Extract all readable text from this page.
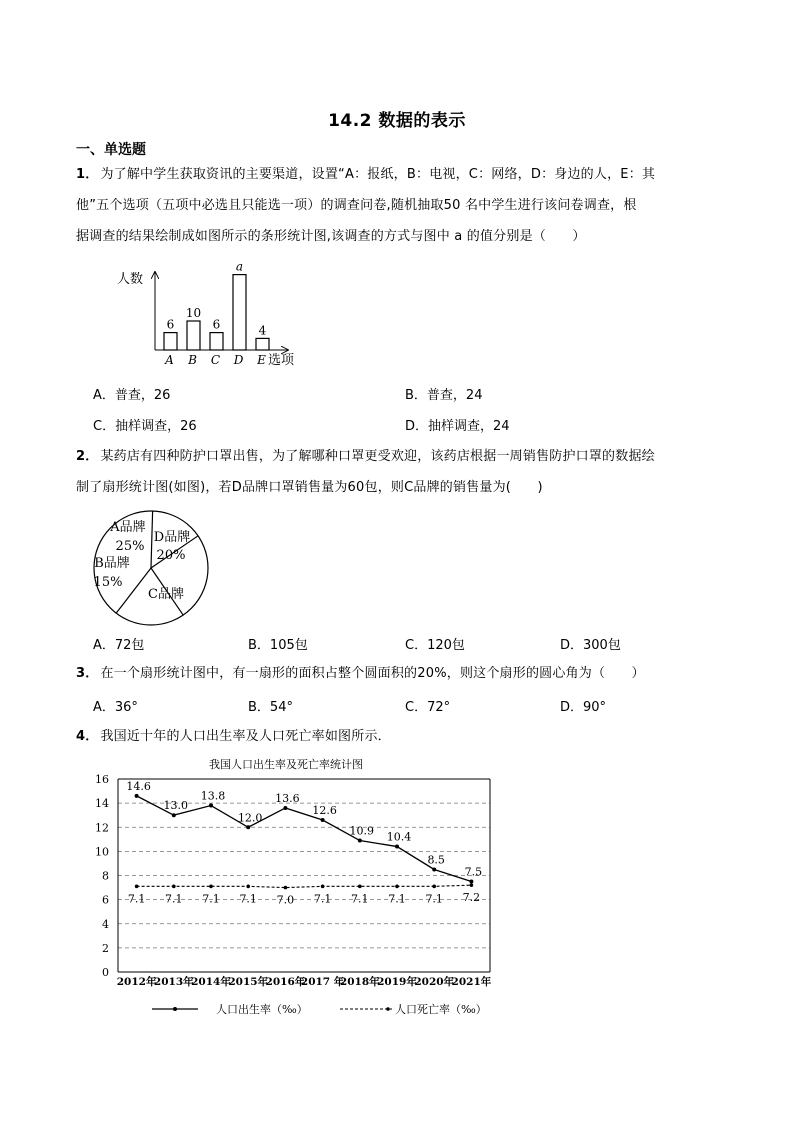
14.2 数据的表示
一、单选题
1． 为了解中学生获取资讯的主要渠道，设置“A：报纸，B：电视，C：网络，D：身边的人，E：其
他”五个选项（五项中必选且只能选一项）的调查问卷,随机抽取50 名中学生进行该问卷调查，根
据调查的结果绘制成如图所示的条形统计图,该调查的方式与图中 a 的值分别是（　　）
人数
选项
6
A
10
B
6
C
a
D
4
E
A．普查，26	B．普查，24
C．抽样调查，26	D．抽样调查，24
2． 某药店有四种防护口罩出售，为了解哪种口罩更受欢迎，该药店根据一周销售防护口罩的数据绘
制了扇形统计图(如图)，若D品牌口罩销售量为60包，则C品牌的销售量为(　　)
A品牌
25%
D品牌
20%
C品牌
B品牌
15%
A．72包	B．105包	C．120包	D．300包
3． 在一个扇形统计图中，有一扇形的面积占整个圆面积的20%，则这个扇形的圆心角为（　　）
A．36°	B．54°	C．72°	D．90°
4． 我国近十年的人口出生率及人口死亡率如图所示．
我国人口出生率及死亡率统计图
0
2
4
6
8
10
12
14
16
2012年
2013年
2014年
2015年
2016年
2017 年
2018年
2019年
2020年
2021年
14.6
13.0
13.8
12.0
13.6
12.6
10.9 10.4
8.5
7.5
7.1 7.1 7.1 7.1 7.0 7.1 7.1 7.1 7.1 7.2
人口出生率（‰）	人口死亡率（‰）
